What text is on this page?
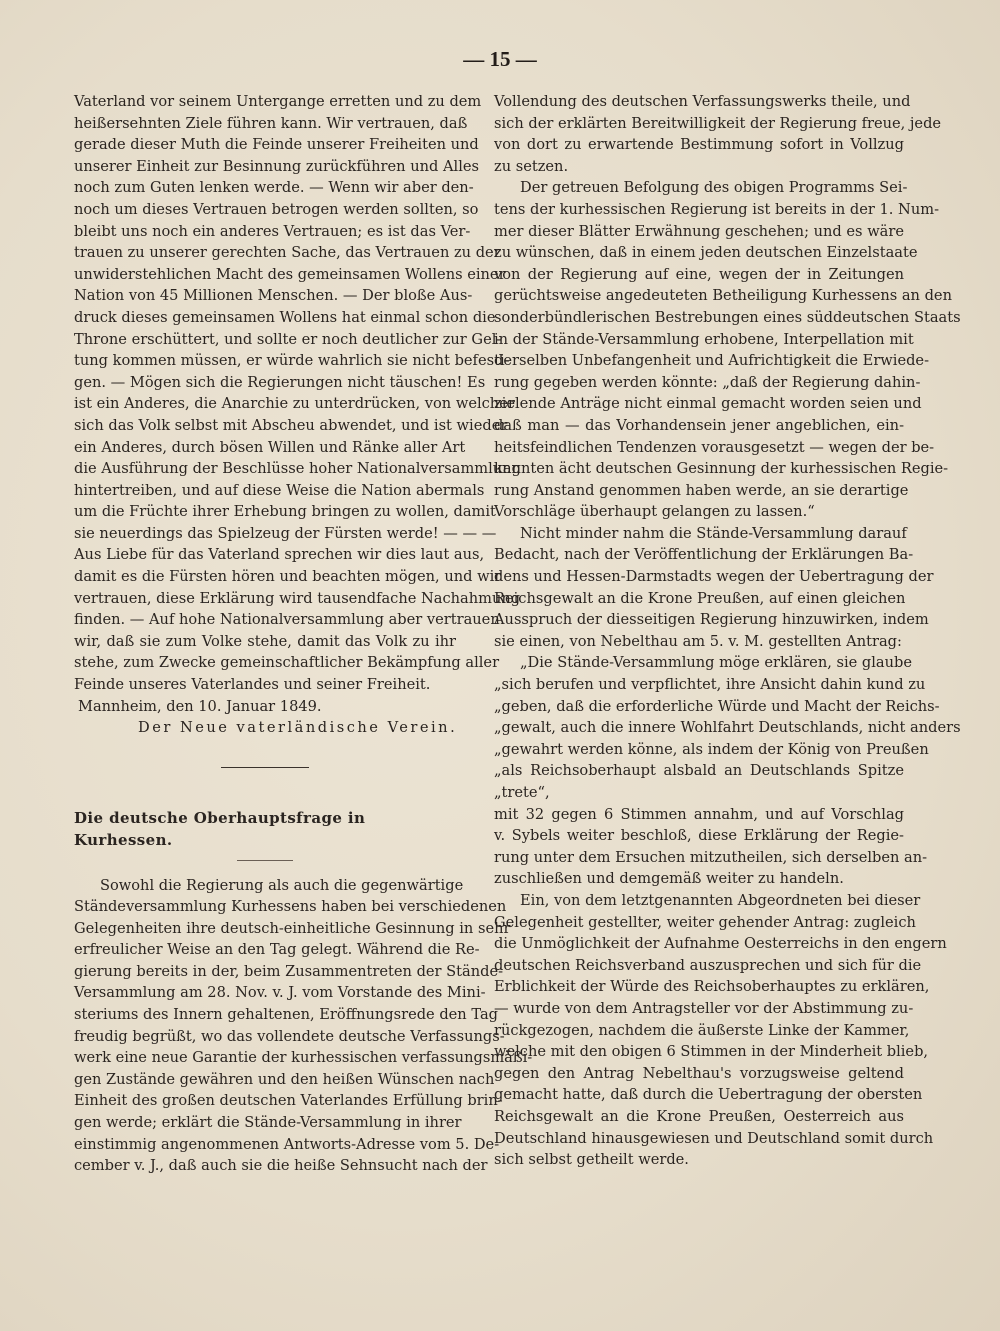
— 15 —
Vaterland vor seinem Untergange erretten und zu dem
heißersehnten Ziele führen kann. Wir vertrauen, daß
gerade dieser Muth die Feinde unserer Freiheiten und
unserer Einheit zur Besinnung zurückführen und Alles
noch zum Guten lenken werde. — Wenn wir aber den-
noch um dieses Vertrauen betrogen werden sollten, so
bleibt uns noch ein anderes Vertrauen; es ist das Ver-
trauen zu unserer gerechten Sache, das Vertrauen zu der
unwiderstehlichen Macht des gemeinsamen Wollens einer
Nation von 45 Millionen Menschen. — Der bloße Aus-
druck dieses gemeinsamen Wollens hat einmal schon die
Throne erschüttert, und sollte er noch deutlicher zur Gel-
tung kommen müssen, er würde wahrlich sie nicht befesti-
gen. — Mögen sich die Regierungen nicht täuschen! Es
ist ein Anderes, die Anarchie zu unterdrücken, von welcher
sich das Volk selbst mit Abscheu abwendet, und ist wieder
ein Anderes, durch bösen Willen und Ränke aller Art
die Ausführung der Beschlüsse hoher Nationalversammlung
hintertreiben, und auf diese Weise die Nation abermals
um die Früchte ihrer Erhebung bringen zu wollen, damit
sie neuerdings das Spielzeug der Fürsten werde! — — —
Aus Liebe für das Vaterland sprechen wir dies laut aus,
damit es die Fürsten hören und beachten mögen, und wir
vertrauen, diese Erklärung wird tausendfache Nachahmung
finden. — Auf hohe Nationalversammlung aber vertrauen
wir, daß sie zum Volke stehe, damit das Volk zu ihr
stehe, zum Zwecke gemeinschaftlicher Bekämpfung aller
Feinde unseres Vaterlandes und seiner Freiheit.
Mannheim, den 10. Januar 1849.
Der Neue vaterländische Verein.
Die deutsche Oberhauptsfrage in Kurhessen.
Sowohl die Regierung als auch die gegenwärtige
Ständeversammlung Kurhessens haben bei verschiedenen
Gelegenheiten ihre deutsch-einheitliche Gesinnung in sehr
erfreulicher Weise an den Tag gelegt. Während die Re-
gierung bereits in der, beim Zusammentreten der Stände-
Versammlung am 28. Nov. v. J. vom Vorstande des Mini-
steriums des Innern gehaltenen, Eröffnungsrede den Tag
freudig begrüßt, wo das vollendete deutsche Verfassungs-
werk eine neue Garantie der kurhessischen verfassungsmäßi-
gen Zustände gewähren und den heißen Wünschen nach
Einheit des großen deutschen Vaterlandes Erfüllung brin-
gen werde; erklärt die Stände-Versammlung in ihrer
einstimmig angenommenen Antworts-Adresse vom 5. De-
cember v. J., daß auch sie die heiße Sehnsucht nach der
Vollendung des deutschen Verfassungswerks theile, und
sich der erklärten Bereitwilligkeit der Regierung freue, jede
von dort zu erwartende Bestimmung sofort in Vollzug
zu setzen.
Der getreuen Befolgung des obigen Programms Sei-
tens der kurhessischen Regierung ist bereits in der 1. Num-
mer dieser Blätter Erwähnung geschehen; und es wäre
zu wünschen, daß in einem jeden deutschen Einzelstaate
von der Regierung auf eine, wegen der in Zeitungen
gerüchtsweise angedeuteten Betheiligung Kurhessens an den
sonderbündlerischen Bestrebungen eines süddeutschen Staats
in der Stände-Versammlung erhobene, Interpellation mit
derselben Unbefangenheit und Aufrichtigkeit die Erwiede-
rung gegeben werden könnte: „daß der Regierung dahin-
zielende Anträge nicht einmal gemacht worden seien und
daß man — das Vorhandensein jener angeblichen, ein-
heitsfeindlichen Tendenzen vorausgesetzt — wegen der be-
kannten ächt deutschen Gesinnung der kurhessischen Regie-
rung Anstand genommen haben werde, an sie derartige
Vorschläge überhaupt gelangen zu lassen.“
Nicht minder nahm die Stände-Versammlung darauf
Bedacht, nach der Veröffentlichung der Erklärungen Ba-
dens und Hessen-Darmstadts wegen der Uebertragung der
Reichsgewalt an die Krone Preußen, auf einen gleichen
Ausspruch der diesseitigen Regierung hinzuwirken, indem
sie einen, von Nebelthau am 5. v. M. gestellten Antrag:
„Die Stände-Versammlung möge erklären, sie glaube
„sich berufen und verpflichtet, ihre Ansicht dahin kund zu
„geben, daß die erforderliche Würde und Macht der Reichs-
„gewalt, auch die innere Wohlfahrt Deutschlands, nicht anders
„gewahrt werden könne, als indem der König von Preußen
„als Reichsoberhaupt alsbald an Deutschlands Spitze
„trete“,
mit 32 gegen 6 Stimmen annahm, und auf Vorschlag
v. Sybels weiter beschloß, diese Erklärung der Regie-
rung unter dem Ersuchen mitzutheilen, sich derselben an-
zuschließen und demgemäß weiter zu handeln.
Ein, von dem letztgenannten Abgeordneten bei dieser
Gelegenheit gestellter, weiter gehender Antrag: zugleich
die Unmöglichkeit der Aufnahme Oesterreichs in den engern
deutschen Reichsverband auszusprechen und sich für die
Erblichkeit der Würde des Reichsoberhauptes zu erklären,
— wurde von dem Antragsteller vor der Abstimmung zu-
rückgezogen, nachdem die äußerste Linke der Kammer,
welche mit den obigen 6 Stimmen in der Minderheit blieb,
gegen den Antrag Nebelthau's vorzugsweise geltend
gemacht hatte, daß durch die Uebertragung der obersten
Reichsgewalt an die Krone Preußen, Oesterreich aus
Deutschland hinausgewiesen und Deutschland somit durch
sich selbst getheilt werde.
